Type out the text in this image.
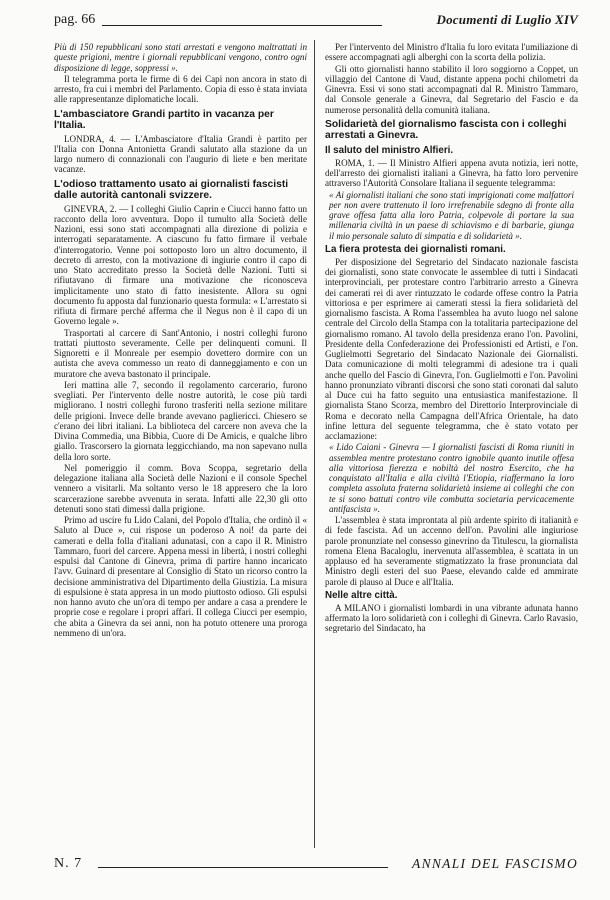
pag. 66	Documenti di Luglio XIV

Più di 150 repubblicani sono stati arrestati e vengono maltrattati in queste prigioni, mentre i giornali repubblicani vengono, contro ogni disposizione di legge, soppressi ».

Il telegramma porta le firme di 6 dei Capi non ancora in stato di arresto, fra cui i membri del Parlamento. Copia di esso è stata inviata alle rappresentanze diplomatiche locali.

L'ambasciatore Grandi partito in vacanza per l'Italia.

LONDRA, 4. — L'Ambasciatore d'Italia Grandi è partito per l'Italia con Donna Antonietta Grandi salutato alla stazione da un largo numero di connazionali con l'augurio di liete e ben meritate vacanze.

L'odioso trattamento usato ai giornalisti fascisti dalle autorità cantonali svizzere.

GINEVRA, 2. — I colleghi Giulio Caprin e Ciucci hanno fatto un racconto della loro avventura. Dopo il tumulto alla Società delle Nazioni, essi sono stati accompagnati alla direzione di polizia e interrogati separatamente. A ciascuno fu fatto firmare il verbale d'interrogatorio. Venne poi sottoposto loro un altro documento, il decreto di arresto, con la motivazione di ingiurie contro il capo di uno Stato accreditato presso la Società delle Nazioni. Tutti si rifiutavano di firmare una motivazione che riconosceva implicitamente uno stato di fatto inesistente. Allora su ogni documento fu apposta dal funzionario questa formula: « L'arrestato si rifiuta di firmare perché afferma che il Negus non è il capo di un Governo legale ».

Trasportati al carcere di Sant'Antonio, i nostri colleghi furono trattati piuttosto severamente. Celle per delinquenti comuni. Il Signoretti e il Monreale per esempio dovettero dormire con un autista che aveva commesso un reato di danneggiamento e con un muratore che aveva bastonato il principale.

Ieri mattina alle 7, secondo il regolamento carcerario, furono svegliati. Per l'intervento delle nostre autorità, le cose più tardi migliorano. I nostri colleghi furono trasferiti nella sezione militare delle prigioni. Invece delle brande avevano pagliericci. Chiesero se c'erano dei libri italiani. La biblioteca del carcere non aveva che la Divina Commedia, una Bibbia, Cuore di De Amicis, e qualche libro giallo. Trascorsero la giornata leggicchiando, ma non sapevano nulla della loro sorte.

Nel pomeriggio il comm. Bova Scoppa, segretario della delegazione italiana alla Società delle Nazioni e il console Spechel vennero a visitarli. Ma soltanto verso le 18 appresero che la loro scarcerazione sarebbe avvenuta in serata. Infatti alle 22,30 gli otto detenuti sono stati dimessi dalla prigione.

Primo ad uscire fu Lido Calani, del Popolo d'Italia, che ordinò il « Saluto al Duce », cui rispose un poderoso A noi! da parte dei camerati e della folla d'italiani adunatasi, con a capo il R. Ministro Tammaro, fuori del carcere. Appena messi in libertà, i nostri colleghi espulsi dal Cantone di Ginevra, prima di partire hanno incaricato l'avv. Guinard di presentare al Consiglio di Stato un ricorso contro la decisione amministrativa del Dipartimento della Giustizia. La misura di espulsione è stata appresa in un modo piuttosto odioso. Gli espulsi non hanno avuto che un'ora di tempo per andare a casa a prendere le proprie cose e regolare i propri affari. Il collega Ciucci per esempio, che abita a Ginevra da sei anni, non ha potuto ottenere una proroga nemmeno di un'ora.

Per l'intervento del Ministro d'Italia fu loro evitata l'umiliazione di essere accompagnati agli alberghi con la scorta della polizia.

Gli otto giornalisti hanno stabilito il loro soggiorno a Coppet, un villaggio del Cantone di Vaud, distante appena pochi chilometri da Ginevra. Essi vi sono stati accompagnati dal R. Ministro Tammaro, dal Console generale a Ginevra, dal Segretario del Fascio e da numerose personalità della comunità italiana.

Solidarietà del giornalismo fascista con i colleghi arrestati a Ginevra.
Il saluto del ministro Alfieri.

ROMA, 1. — Il Ministro Alfieri appena avuta notizia, ieri notte, dell'arresto dei giornalisti italiani a Ginevra, ha fatto loro pervenire attraverso l'Autorità Consolare Italiana il seguente telegramma:

« Ai giornalisti italiani che sono stati imprigionati come malfattori per non avere trattenuto il loro irrefrenabile sdegno di fronte alla grave offesa fatta alla loro Patria, colpevole di portare la sua millenaria civiltà in un paese di schiavismo e di barbarie, giunga il mio personale saluto di simpatia e di solidarietà ».

La fiera protesta dei giornalisti romani.

Per disposizione del Segretario del Sindacato nazionale fascista dei giornalisti, sono state convocate le assemblee di tutti i Sindacati interprovinciali, per protestare contro l'arbitrario arresto a Ginevra dei camerati rei di aver rintuzzato le codarde offese contro la Patria vittoriosa e per esprimere ai camerati stessi la fiera solidarietà del giornalismo fascista. A Roma l'assemblea ha avuto luogo nel salone centrale del Circolo della Stampa con la totalitaria partecipazione del giornalismo romano. Al tavolo della presidenza erano l'on. Pavolini, Presidente della Confederazione dei Professionisti ed Artisti, e l'on. Guglielmotti Segretario del Sindacato Nazionale dei Giornalisti. Data comunicazione di molti telegrammi di adesione tra i quali anche quello del Fascio di Ginevra, l'on. Guglielmotti e l'on. Pavolini hanno pronunziato vibranti discorsi che sono stati coronati dal saluto al Duce cui ha fatto seguito una entusiastica manifestazione. Il giornalista Stano Scorza, membro del Direttorio Interprovinciale di Roma e decorato nella Campagna dell'Africa Orientale, ha dato infine lettura del seguente telegramma, che è stato votato per acclamazione:

« Lido Caiani - Ginevra — I giornalisti fascisti di Roma riuniti in assemblea mentre protestano contro ignobile quanto inutile offesa alla vittoriosa fierezza e nobiltà del nostro Esercito, che ha conquistato all'Italia e alla civiltà l'Etiopia, riaffermano la loro completa assoluta fraterna solidarietà insieme ai colleghi che con te si sono battuti contro vile combutta societaria pervicacemente antifascista ».

L'assemblea è stata improntata al più ardente spirito di italianità e di fede fascista. Ad un accenno dell'on. Pavolini alle ingiuriose parole pronunziate nel consesso ginevrino da Titulescu, la giornalista romena Elena Bacaloglu, inervenuta all'assemblea, è scattata in un applauso ed ha severamente stigmatizzato la frase pronunciata dal Ministro degli esteri del suo Paese, elevando calde ed ammirate parole di plauso al Duce e all'Italia.

Nelle altre città.

A MILANO i giornalisti lombardi in una vibrante adunata hanno affermato la loro solidarietà con i colleghi di Ginevra. Carlo Ravasio, segretario del Sindacato, ha

N. 7	ANNALI DEL FASCISMO
